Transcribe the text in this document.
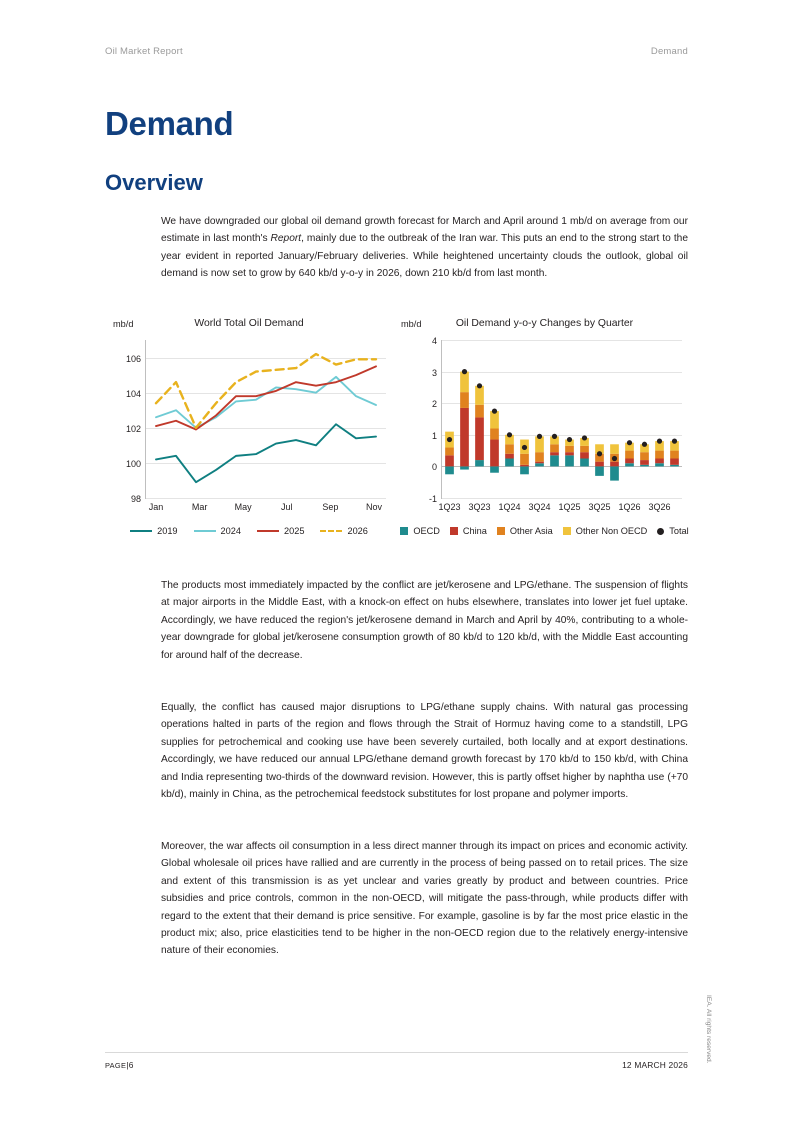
Oil Market Report	Demand
Demand
Overview
We have downgraded our global oil demand growth forecast for March and April around 1 mb/d on average from our estimate in last month's Report, mainly due to the outbreak of the Iran war. This puts an end to the strong start to the year evident in reported January/February deliveries. While heightened uncertainty clouds the outlook, global oil demand is now set to grow by 640 kb/d y-o-y in 2026, down 210 kb/d from last month.
mb/d	World Total Oil Demand
98
100
102
104
106
Jan	Mar	May	Jul	Sep	Nov
mb/d	Oil Demand y-o-y Changes by Quarter
4
3
2
1
0
-1
1Q23 3Q23 1Q24 3Q24 1Q25 3Q25 1Q26 3Q26
2019	2024	2025	2026	OECD	China	Other Asia	Other Non OECD Total
The products most immediately impacted by the conflict are jet/kerosene and LPG/ethane. The suspension of flights at major airports in the Middle East, with a knock-on effect on hubs elsewhere, translates into lower jet fuel uptake. Accordingly, we have reduced the region's jet/kerosene demand in March and April by 40%, contributing to a whole-year downgrade for global jet/kerosene consumption growth of 80 kb/d to 120 kb/d, with the Middle East accounting for around half of the decrease.
Equally, the conflict has caused major disruptions to LPG/ethane supply chains. With natural gas processing operations halted in parts of the region and flows through the Strait of Hormuz having come to a standstill, LPG supplies for petrochemical and cooking use have been severely curtailed, both locally and at export destinations. Accordingly, we have reduced our annual LPG/ethane demand growth forecast by 170 kb/d to 150 kb/d, with China and India representing two-thirds of the downward revision. However, this is partly offset higher by naphtha use (+70 kb/d), mainly in China, as the petrochemical feedstock substitutes for lost propane and polymer imports.
Moreover, the war affects oil consumption in a less direct manner through its impact on prices and economic activity. Global wholesale oil prices have rallied and are currently in the process of being passed on to retail prices. The size and extent of this transmission is as yet unclear and varies greatly by product and between countries. Price subsidies and price controls, common in the non-OECD, will mitigate the pass-through, while products differ with regard to the extent that their demand is price sensitive. For example, gasoline is by far the most price elastic in the product mix; also, price elasticities tend to be higher in the non-OECD region due to the relatively energy-intensive nature of their economies.
IEA. All rights reserved.
PAGE|6	12 MARCH 2026
